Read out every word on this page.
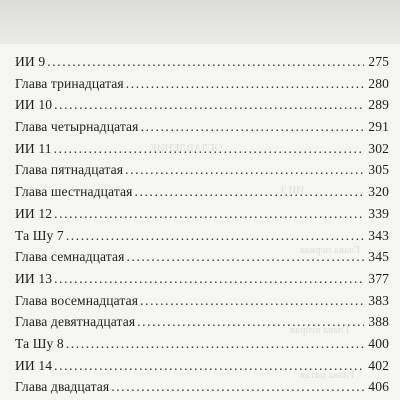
ОГЛАВЛЕНИЕ
ИИ 1
Глава первая
Глава вторая
Глава пятая
ИИ 9 .....	275
Глава тринадцатая .....	280
ИИ 10 .....	289
Глава четырнадцатая .....	291
ИИ 11 .....	302
Глава пятнадцатая .....	305
Глава шестнадцатая .....	320
ИИ 12 .....	339
Та Шу 7 .....	343
Глава семнадцатая .....	345
ИИ 13 .....	377
Глава восемнадцатая .....	383
Глава девятнадцатая .....	388
Та Шу 8 .....	400
ИИ 14 .....	402
Глава двадцатая .....	406
